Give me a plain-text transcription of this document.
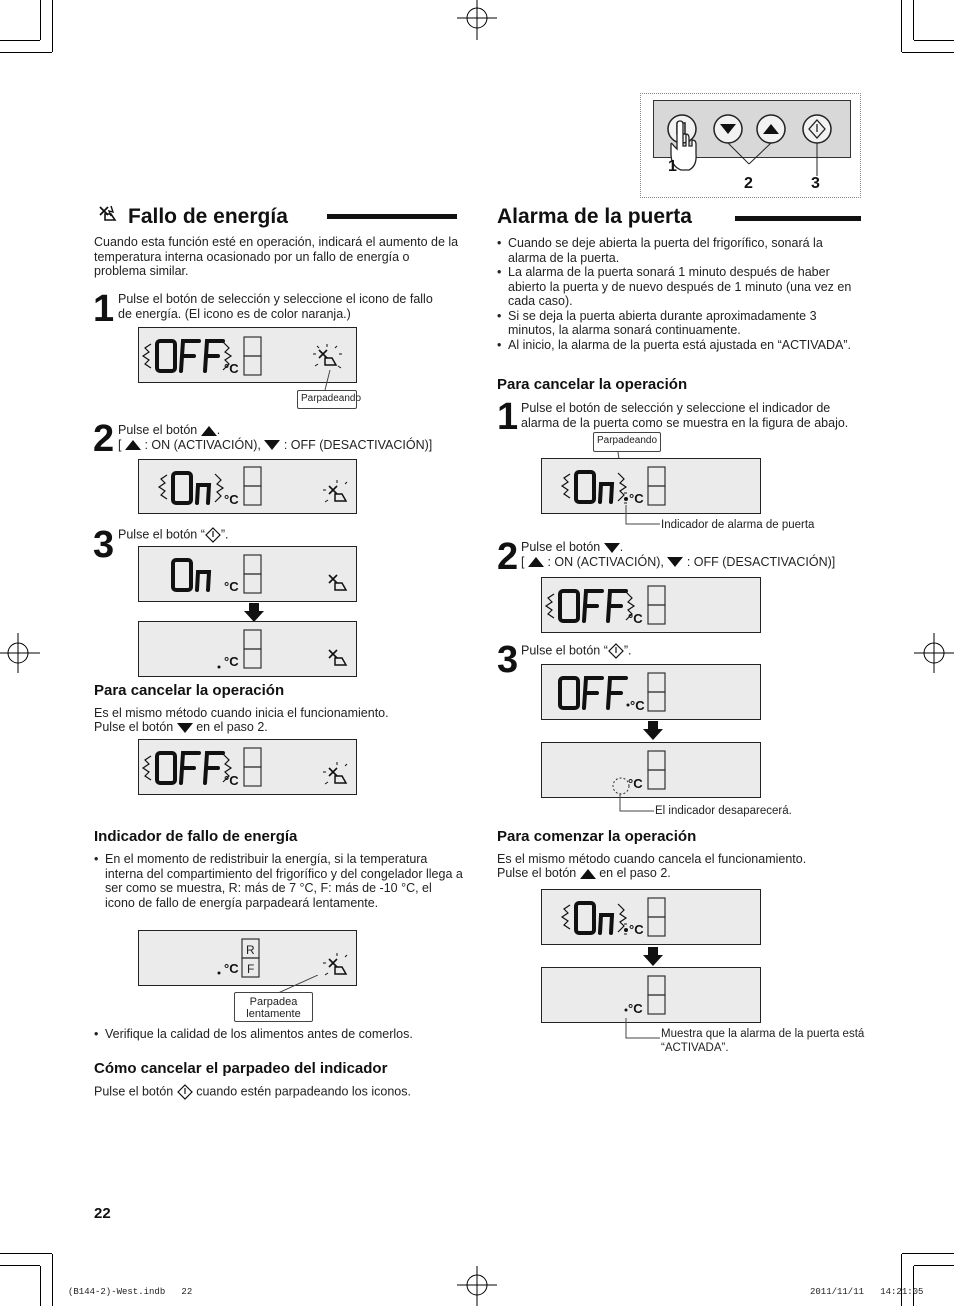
1
2	3
Fallo de energía
Cuando esta función esté en operación, indicará el aumento de la temperatura interna ocasionado por un fallo de energía o problema similar.
1 Pulse el botón de selección y seleccione el icono de fallo de energía. (El icono es de color naranja.)
°C
Parpadeando
2 Pulse el botón .
[ : ON (ACTIVACIÓN), : OFF (DESACTIVACIÓN)]
°C
3 Pulse el botón “ ”.
°C
°C
Para cancelar la operación
Es el mismo método cuando inicia el funcionamiento.
Pulse el botón en el paso 2.
°C
Indicador de fallo de energía
• En el momento de redistribuir la energía, si la temperatura interna del compartimiento del frigorífico y del congelador llega a ser como se muestra, R: más de 7 °C, F: más de -10 °C, el icono de fallo de energía parpadeará lentamente.
°C
R
F
Parpadea lentamente
• Verifique la calidad de los alimentos antes de comerlos.
Cómo cancelar el parpadeo del indicador
Pulse el botón cuando estén parpadeando los iconos.
Alarma de la puerta
• Cuando se deje abierta la puerta del frigorífico, sonará la alarma de la puerta.
• La alarma de la puerta sonará 1 minuto después de haber abierto la puerta y de nuevo después de 1 minuto (una vez en cada caso).
• Si se deja la puerta abierta durante aproximadamente 3 minutos, la alarma sonará continuamente.
• Al inicio, la alarma de la puerta está ajustada en “ACTIVADA”.
Para cancelar la operación
1 Pulse el botón de selección y seleccione el indicador de alarma de la puerta como se muestra en la figura de abajo.
Parpadeando
°C
Indicador de alarma de puerta
2 Pulse el botón .
[ : ON (ACTIVACIÓN), : OFF (DESACTIVACIÓN)]
°C
3 Pulse el botón “ ”.
°C
°C
El indicador desaparecerá.
Para comenzar la operación
Es el mismo método cuando cancela el funcionamiento.
Pulse el botón en el paso 2.
°C
°C
Muestra que la alarma de la puerta está “ACTIVADA”.
22
(B144-2)-West.indb   22	2011/11/11   14:21:05
